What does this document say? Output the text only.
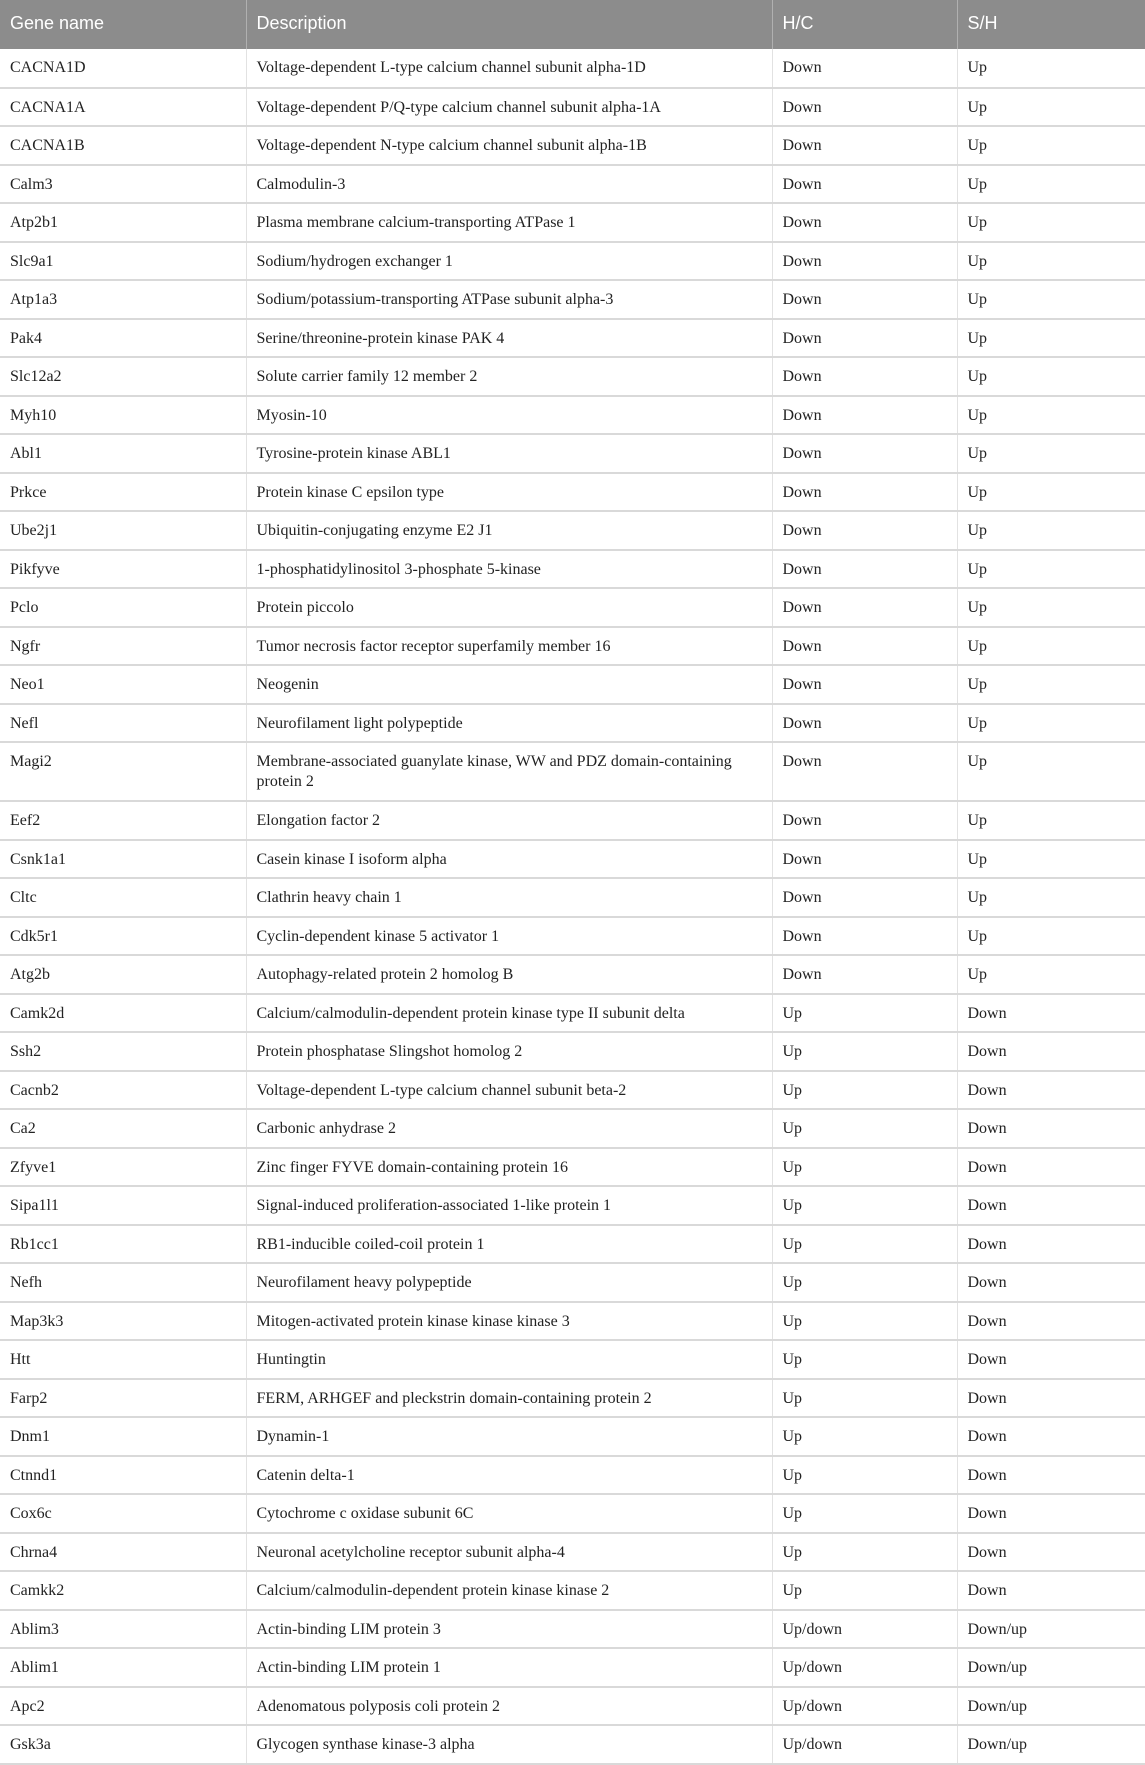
Gene name	Description	H/C	S/H
CACNA1D	Voltage-dependent L-type calcium channel subunit alpha-1D	Down	Up
CACNA1A	Voltage-dependent P/Q-type calcium channel subunit alpha-1A	Down	Up
CACNA1B	Voltage-dependent N-type calcium channel subunit alpha-1B	Down	Up
Calm3	Calmodulin-3	Down	Up
Atp2b1	Plasma membrane calcium-transporting ATPase 1	Down	Up
Slc9a1	Sodium/hydrogen exchanger 1	Down	Up
Atp1a3	Sodium/potassium-transporting ATPase subunit alpha-3	Down	Up
Pak4	Serine/threonine-protein kinase PAK 4	Down	Up
Slc12a2	Solute carrier family 12 member 2	Down	Up
Myh10	Myosin-10	Down	Up
Abl1	Tyrosine-protein kinase ABL1	Down	Up
Prkce	Protein kinase C epsilon type	Down	Up
Ube2j1	Ubiquitin-conjugating enzyme E2 J1	Down	Up
Pikfyve	1-phosphatidylinositol 3-phosphate 5-kinase	Down	Up
Pclo	Protein piccolo	Down	Up
Ngfr	Tumor necrosis factor receptor superfamily member 16	Down	Up
Neo1	Neogenin	Down	Up
Nefl	Neurofilament light polypeptide	Down	Up
Magi2	Membrane-associated guanylate kinase, WW and PDZ domain-containing protein 2	Down	Up
Eef2	Elongation factor 2	Down	Up
Csnk1a1	Casein kinase I isoform alpha	Down	Up
Cltc	Clathrin heavy chain 1	Down	Up
Cdk5r1	Cyclin-dependent kinase 5 activator 1	Down	Up
Atg2b	Autophagy-related protein 2 homolog B	Down	Up
Camk2d	Calcium/calmodulin-dependent protein kinase type II subunit delta	Up	Down
Ssh2	Protein phosphatase Slingshot homolog 2	Up	Down
Cacnb2	Voltage-dependent L-type calcium channel subunit beta-2	Up	Down
Ca2	Carbonic anhydrase 2	Up	Down
Zfyve1	Zinc finger FYVE domain-containing protein 16	Up	Down
Sipa1l1	Signal-induced proliferation-associated 1-like protein 1	Up	Down
Rb1cc1	RB1-inducible coiled-coil protein 1	Up	Down
Nefh	Neurofilament heavy polypeptide	Up	Down
Map3k3	Mitogen-activated protein kinase kinase kinase 3	Up	Down
Htt	Huntingtin	Up	Down
Farp2	FERM, ARHGEF and pleckstrin domain-containing protein 2	Up	Down
Dnm1	Dynamin-1	Up	Down
Ctnnd1	Catenin delta-1	Up	Down
Cox6c	Cytochrome c oxidase subunit 6C	Up	Down
Chrna4	Neuronal acetylcholine receptor subunit alpha-4	Up	Down
Camkk2	Calcium/calmodulin-dependent protein kinase kinase 2	Up	Down
Ablim3	Actin-binding LIM protein 3	Up/down	Down/up
Ablim1	Actin-binding LIM protein 1	Up/down	Down/up
Apc2	Adenomatous polyposis coli protein 2	Up/down	Down/up
Gsk3a	Glycogen synthase kinase-3 alpha	Up/down	Down/up
